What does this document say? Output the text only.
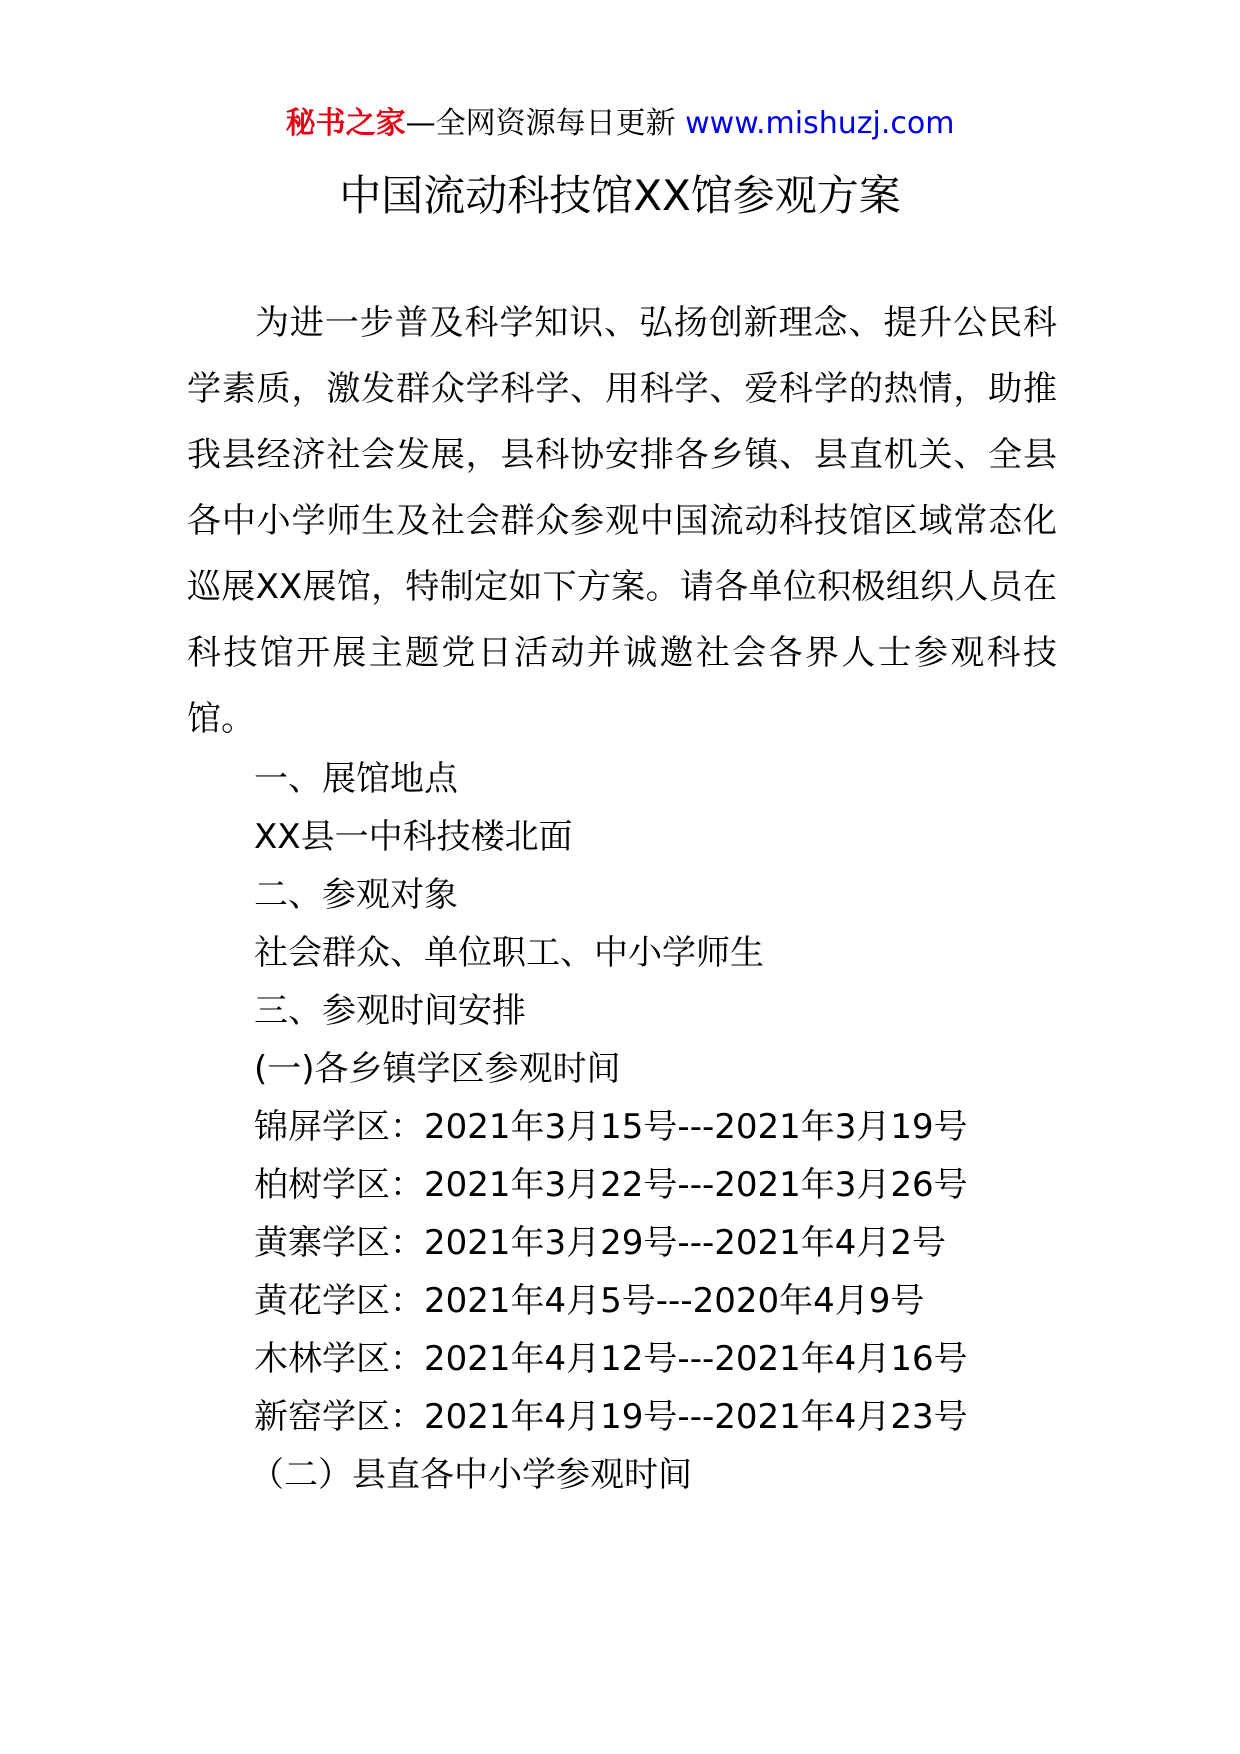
秘书之家—全网资源每日更新 www.mishuzj.com
中国流动科技馆XX馆参观方案

为进一步普及科学知识、弘扬创新理念、提升公民科学素质，激发群众学科学、用科学、爱科学的热情，助推我县经济社会发展，县科协安排各乡镇、县直机关、全县各中小学师生及社会群众参观中国流动科技馆区域常态化巡展XX展馆，特制定如下方案。请各单位积极组织人员在科技馆开展主题党日活动并诚邀社会各界人士参观科技馆。

一、展馆地点

XX县一中科技楼北面

二、参观对象

社会群众、单位职工、中小学师生

三、参观时间安排

(一)各乡镇学区参观时间

锦屏学区：2021年3月15号---2021年3月19号

柏树学区：2021年3月22号---2021年3月26号

黄寨学区：2021年3月29号---2021年4月2号

黄花学区：2021年4月5号---2020年4月9号

木林学区：2021年4月12号---2021年4月16号

新窑学区：2021年4月19号---2021年4月23号

（二）县直各中小学参观时间
